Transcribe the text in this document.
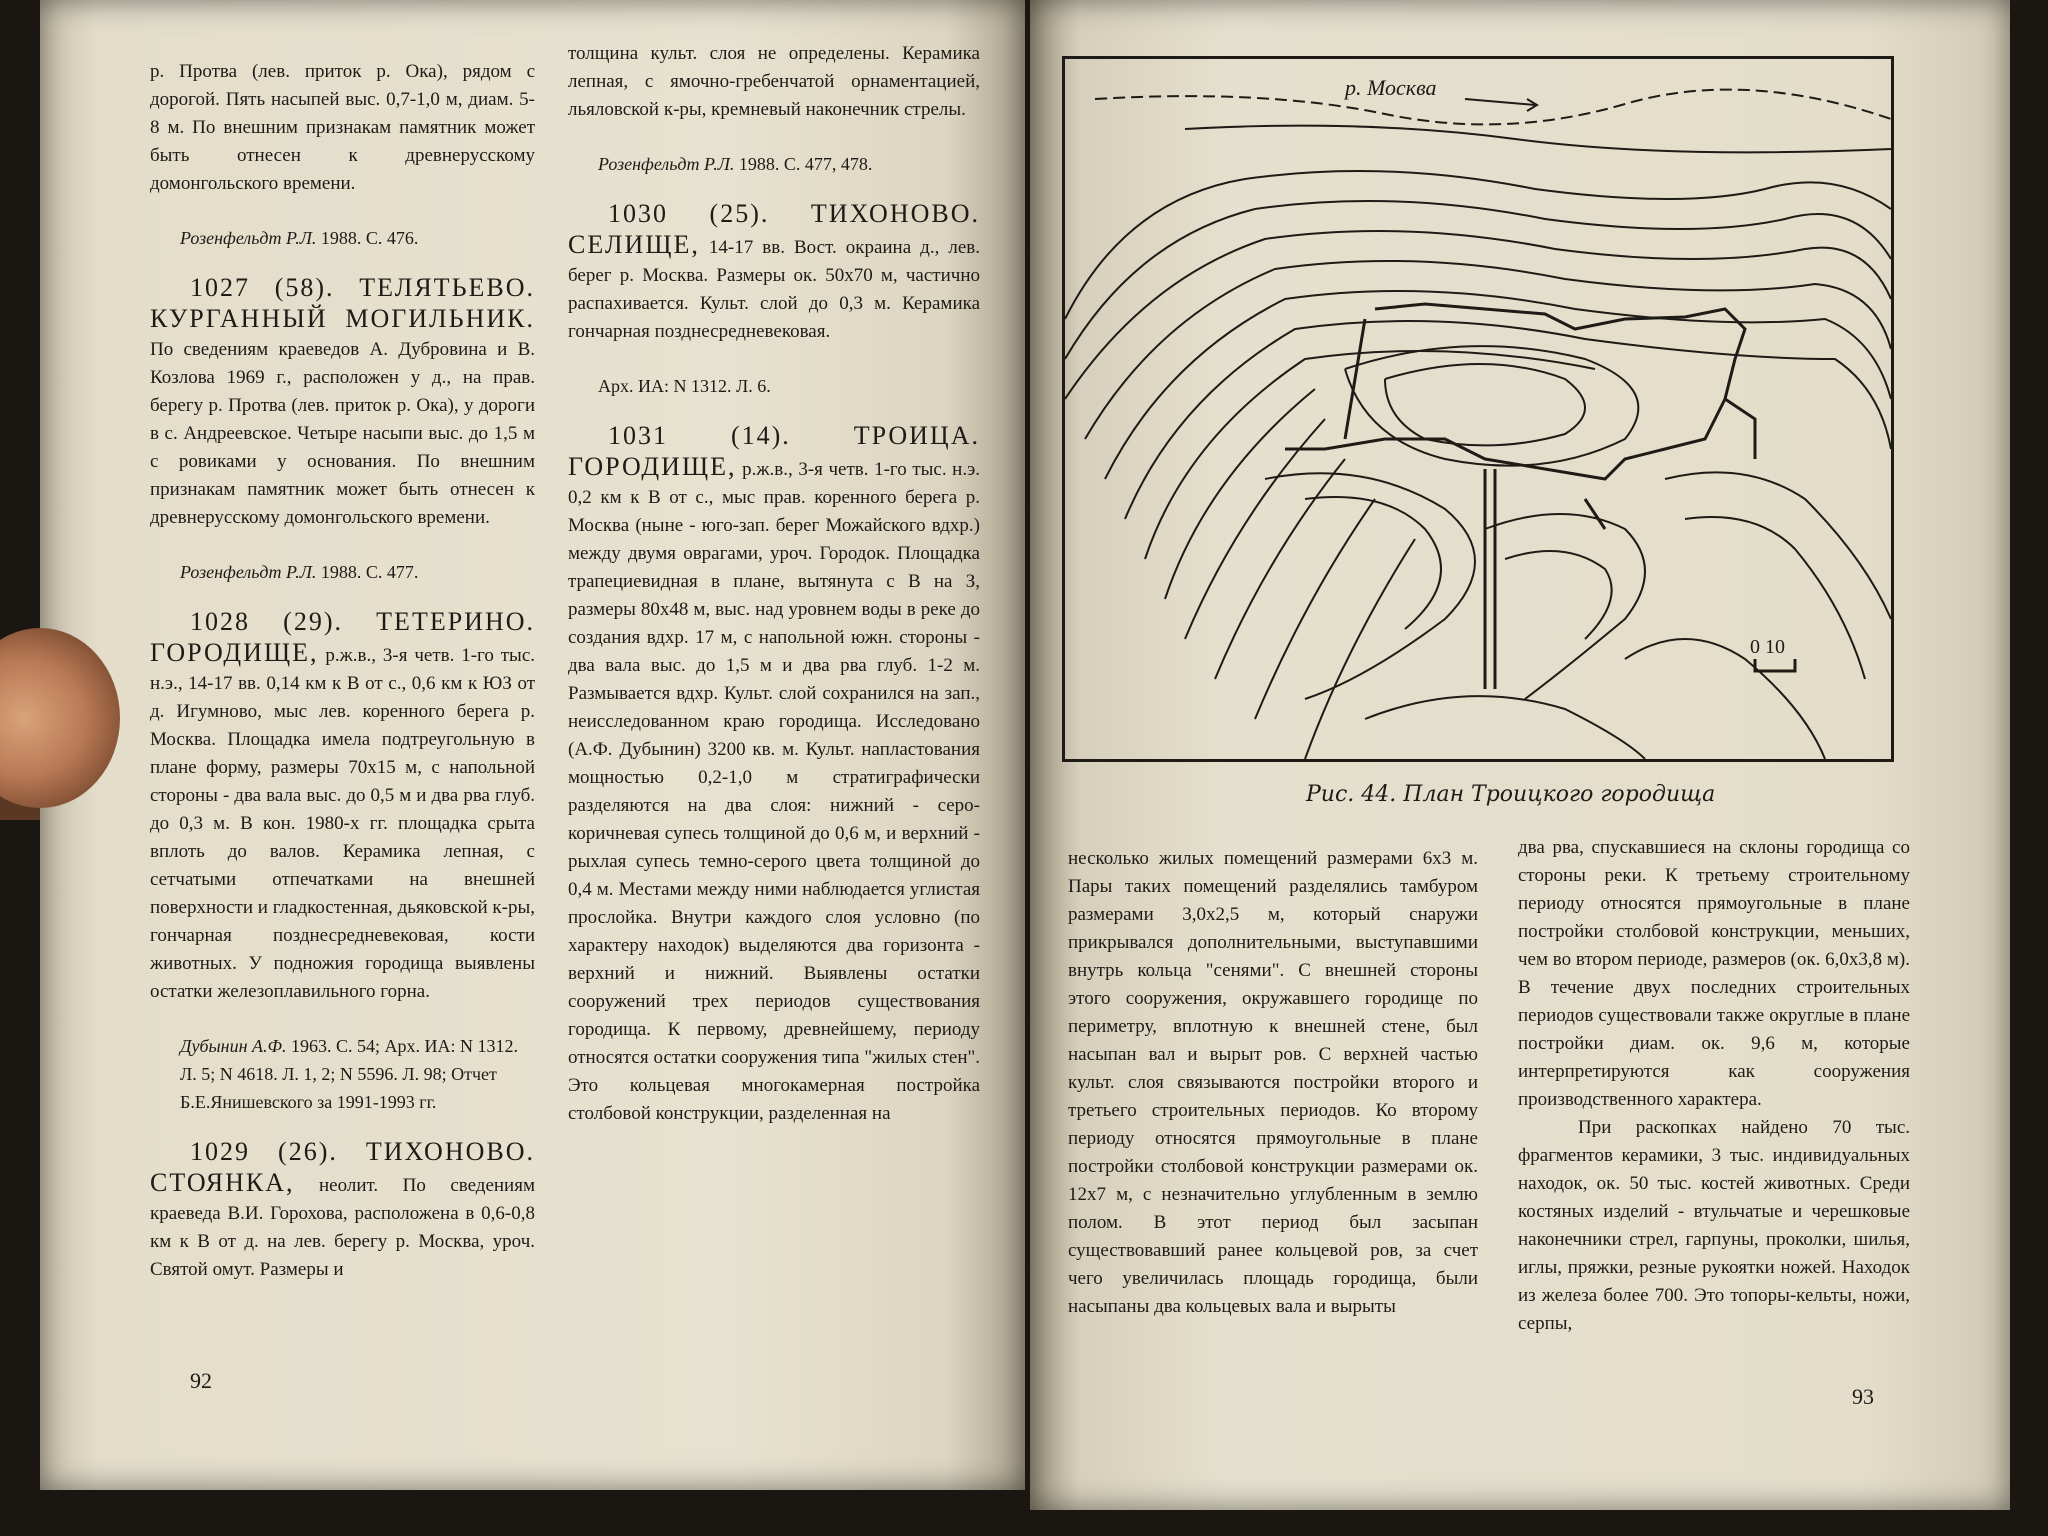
р. Протва (лев. приток р. Ока), рядом с дорогой. Пять насыпей выс. 0,7-1,0 м, диам. 5-8 м. По внешним признакам памятник может быть отнесен к древнерусскому домонгольского времени.

Розенфельдт Р.Л. 1988. С. 476.

1027 (58). ТЕЛЯТЬЕВО. КУРГАННЫЙ МОГИЛЬНИК. По сведениям краеведов А. Дубровина и В. Козлова 1969 г., расположен у д., на прав. берегу р. Протва (лев. приток р. Ока), у дороги в с. Андреевское. Четыре насыпи выс. до 1,5 м с ровиками у основания. По внешним признакам памятник может быть отнесен к древнерусскому домонгольского времени.

Розенфельдт Р.Л. 1988. С. 477.

1028 (29). ТЕТЕРИНО. ГОРОДИЩЕ, р.ж.в., 3-я четв. 1-го тыс. н.э., 14-17 вв. 0,14 км к В от с., 0,6 км к ЮЗ от д. Игумново, мыс лев. коренного берега р. Москва. Площадка имела подтреугольную в плане форму, размеры 70х15 м, с напольной стороны - два вала выс. до 0,5 м и два рва глуб. до 0,3 м. В кон. 1980-х гг. площадка срыта вплоть до валов. Керамика лепная, с сетчатыми отпечатками на внешней поверхности и гладкостенная, дьяковской к-ры, гончарная позднесредневековая, кости животных. У подножия городища выявлены остатки железоплавильного горна.

Дубынин А.Ф. 1963. С. 54; Арх. ИА: N 1312. Л. 5; N 4618. Л. 1, 2; N 5596. Л. 98; Отчет Б.Е.Янишевского за 1991-1993 гг.

1029 (26). ТИХОНОВО. СТОЯНКА, неолит. По сведениям краеведа В.И. Горохова, расположена в 0,6-0,8 км к В от д. на лев. берегу р. Москва, уроч. Святой омут. Размеры и

толщина культ. слоя не определены. Керамика лепная, с ямочно-гребенчатой орнаментацией, льяловской к-ры, кремневый наконечник стрелы.

Розенфельдт Р.Л. 1988. С. 477, 478.

1030 (25). ТИХОНОВО. СЕЛИЩЕ, 14-17 вв. Вост. окраина д., лев. берег р. Москва. Размеры ок. 50х70 м, частично распахивается. Культ. слой до 0,3 м. Керамика гончарная позднесредневековая.

Арх. ИА: N 1312. Л. 6.

1031 (14). ТРОИЦА. ГОРОДИЩЕ, р.ж.в., 3-я четв. 1-го тыс. н.э. 0,2 км к В от с., мыс прав. коренного берега р. Москва (ныне - юго-зап. берег Можайского вдхр.) между двумя оврагами, уроч. Городок. Площадка трапециевидная в плане, вытянута с В на З, размеры 80х48 м, выс. над уровнем воды в реке до создания вдхр. 17 м, с напольной южн. стороны - два вала выс. до 1,5 м и два рва глуб. 1-2 м. Размывается вдхр. Культ. слой сохранился на зап., неисследованном краю городища. Исследовано (А.Ф. Дубынин) 3200 кв. м. Культ. напластования мощностью 0,2-1,0 м стратиграфически разделяются на два слоя: нижний - серо-коричневая супесь толщиной до 0,6 м, и верхний - рыхлая супесь темно-серого цвета толщиной до 0,4 м. Местами между ними наблюдается углистая прослойка. Внутри каждого слоя условно (по характеру находок) выделяются два горизонта - верхний и нижний. Выявлены остатки сооружений трех периодов существования городища. К первому, древнейшему, периоду относятся остатки сооружения типа "жилых стен". Это кольцевая многокамерная постройка столбовой конструкции, разделенная на

92
0 10
р. Москва
Рис. 44. План Троицкого городища

несколько жилых помещений размерами 6х3 м. Пары таких помещений разделялись тамбуром размерами 3,0х2,5 м, который снаружи прикрывался дополнительными, выступавшими внутрь кольца "сенями". С внешней стороны этого сооружения, окружавшего городище по периметру, вплотную к внешней стене, был насыпан вал и вырыт ров. С верхней частью культ. слоя связываются постройки второго и третьего строительных периодов. Ко второму периоду относятся прямоугольные в плане постройки столбовой конструкции размерами ок. 12х7 м, с незначительно углубленным в землю полом. В этот период был засыпан существовавший ранее кольцевой ров, за счет чего увеличилась площадь городища, были насыпаны два кольцевых вала и вырыты

два рва, спускавшиеся на склоны городища со стороны реки. К третьему строительному периоду относятся прямоугольные в плане постройки столбовой конструкции, меньших, чем во втором периоде, размеров (ок. 6,0х3,8 м). В течение двух последних строительных периодов существовали также округлые в плане постройки диам. ок. 9,6 м, которые интерпретируются как сооружения производственного характера.

При раскопках найдено 70 тыс. фрагментов керамики, 3 тыс. индивидуальных находок, ок. 50 тыс. костей животных. Среди костяных изделий - втульчатые и черешковые наконечники стрел, гарпуны, проколки, шилья, иглы, пряжки, резные рукоятки ножей. Находок из железа более 700. Это топоры-кельты, ножи, серпы,

93
